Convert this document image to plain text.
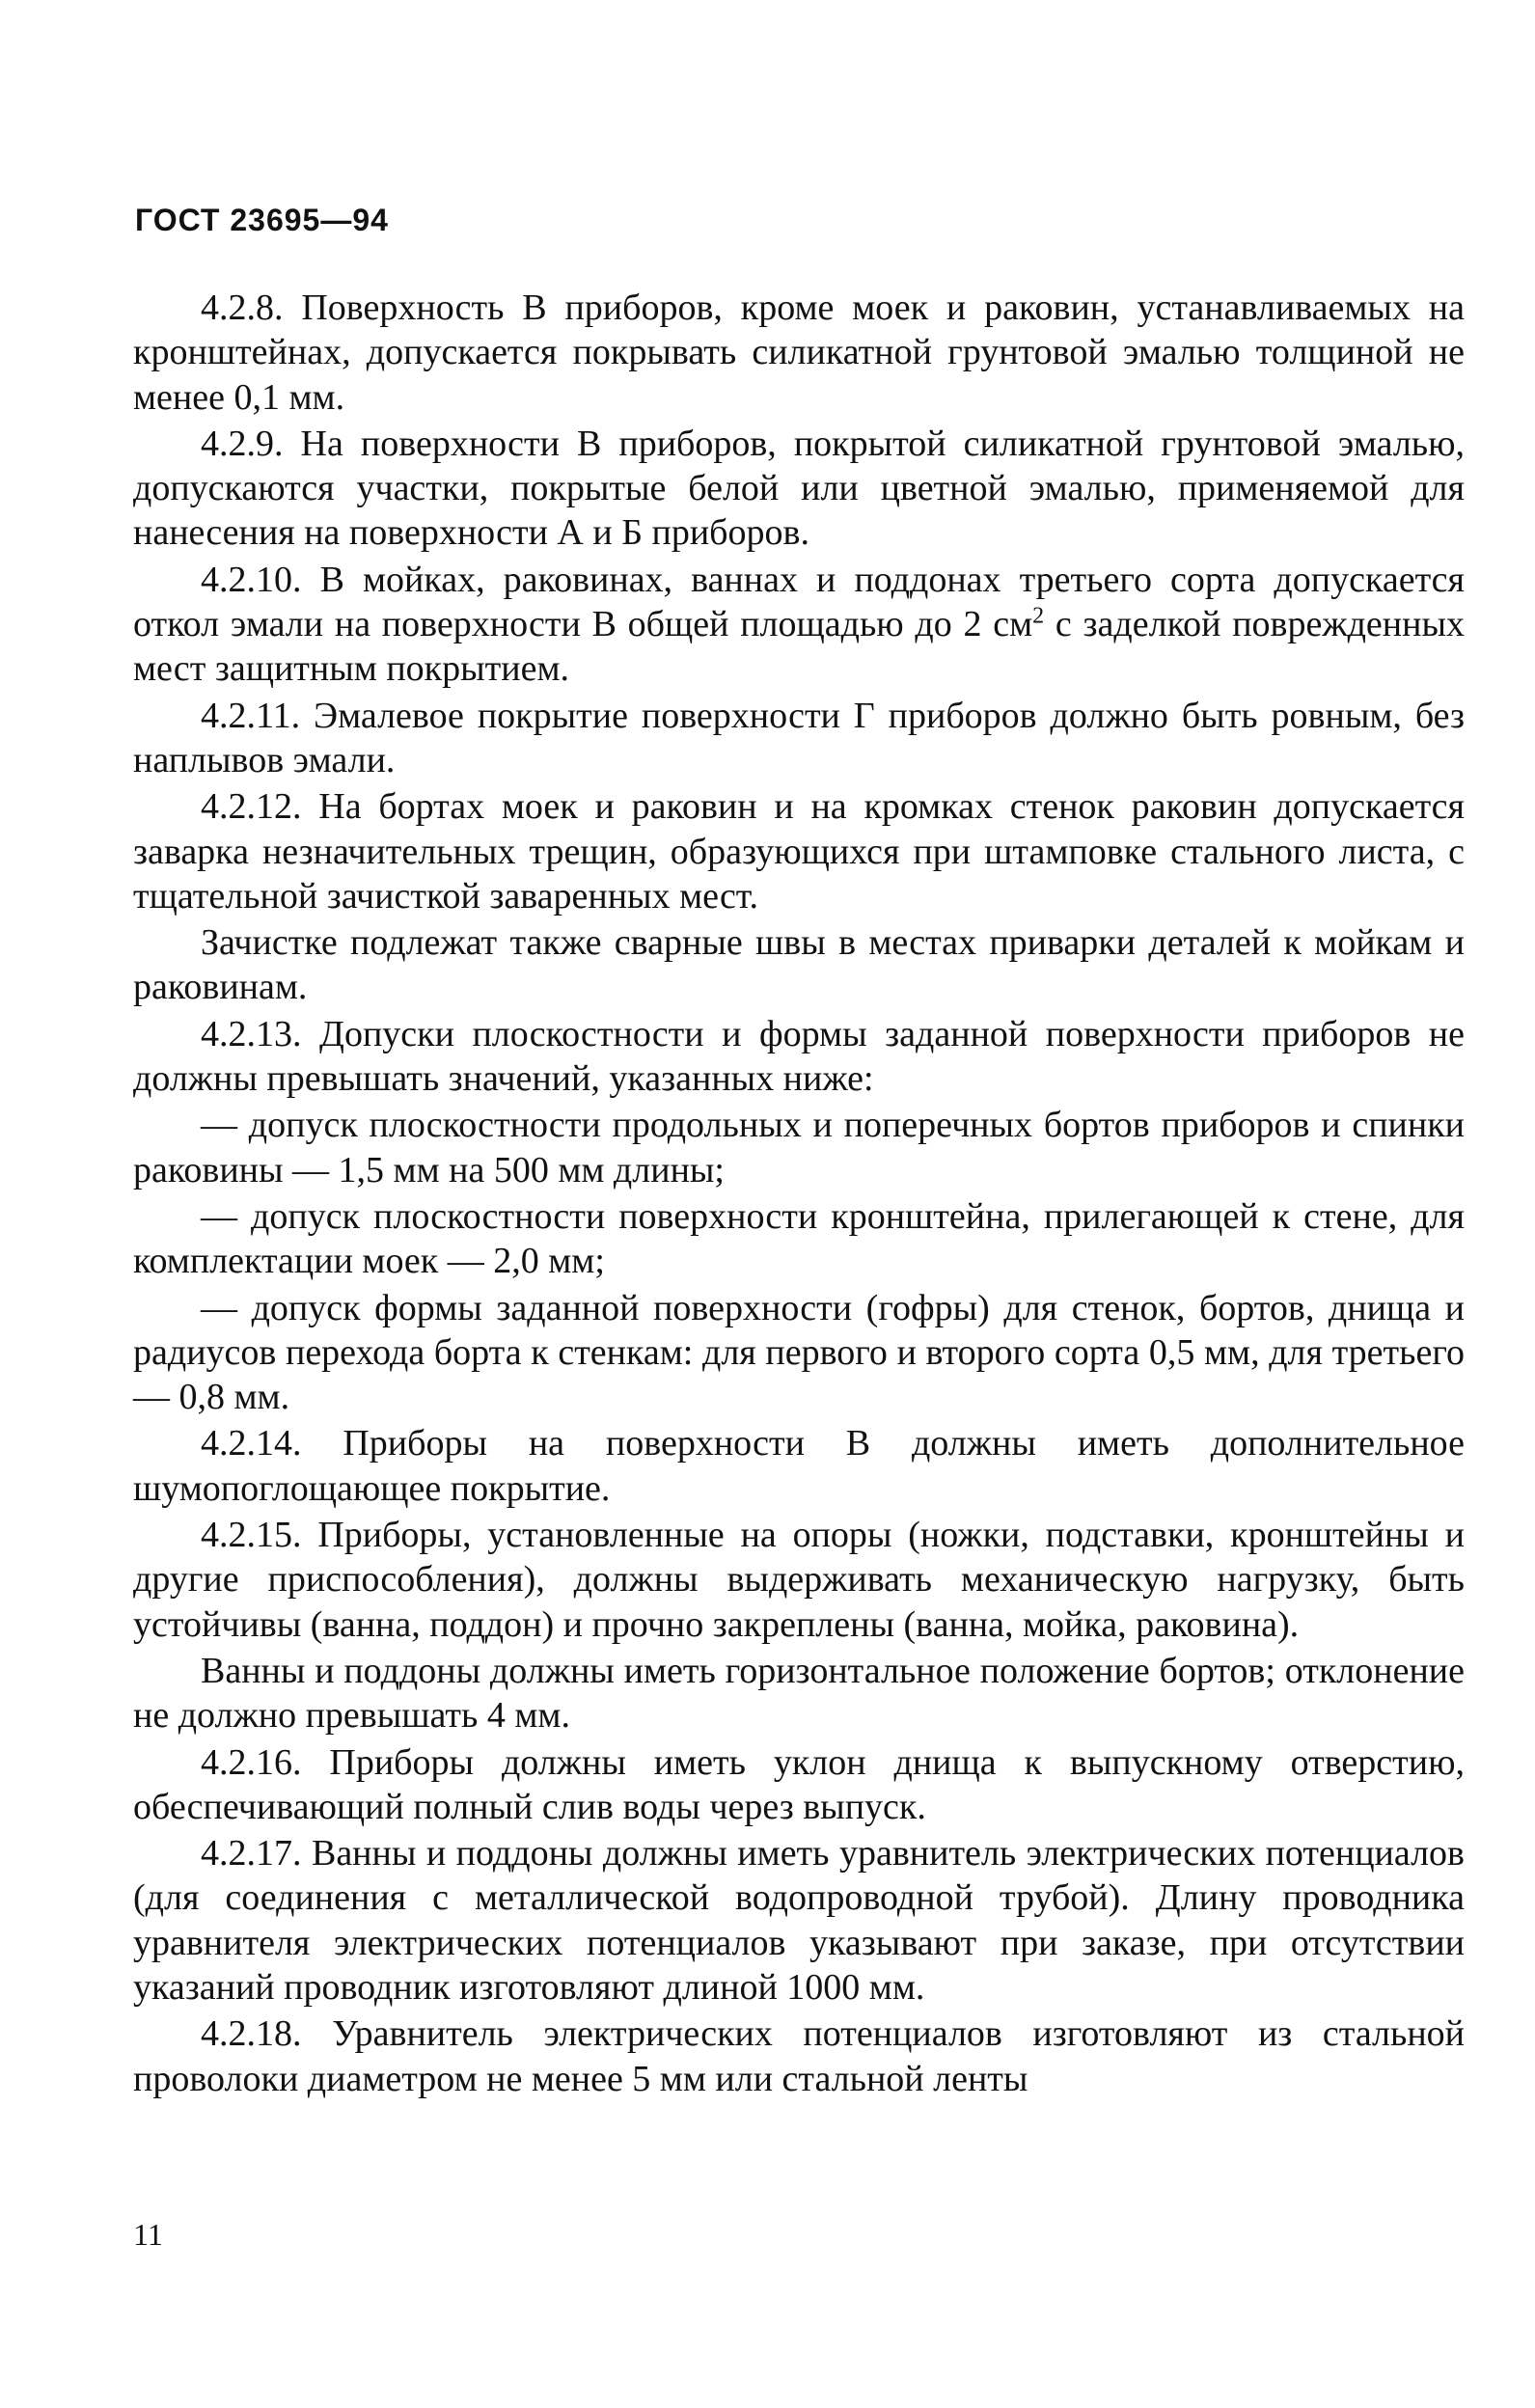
ГОСТ 23695—94

4.2.8. Поверхность В приборов, кроме моек и раковин, устанавливаемых на кронштейнах, допускается покрывать силикатной грунтовой эмалью толщиной не менее 0,1 мм.

4.2.9. На поверхности В приборов, покрытой силикатной грунтовой эмалью, допускаются участки, покрытые белой или цветной эмалью, применяемой для нанесения на поверхности А и Б приборов.

4.2.10. В мойках, раковинах, ваннах и поддонах третьего сорта допускается откол эмали на поверхности В общей площадью до 2 $см^2$ с заделкой поврежденных мест защитным покрытием.

4.2.11. Эмалевое покрытие поверхности Г приборов должно быть ровным, без наплывов эмали.

4.2.12. На бортах моек и раковин и на кромках стенок раковин допускается заварка незначительных трещин, образующихся при штамповке стального листа, с тщательной зачисткой заваренных мест.

Зачистке подлежат также сварные швы в местах приварки деталей к мойкам и раковинам.

4.2.13. Допуски плоскостности и формы заданной поверхности приборов не должны превышать значений, указанных ниже:

— допуск плоскостности продольных и поперечных бортов приборов и спинки раковины — 1,5 мм на 500 мм длины;

— допуск плоскостности поверхности кронштейна, прилегающей к стене, для комплектации моек — 2,0 мм;

— допуск формы заданной поверхности (гофры) для стенок, бортов, днища и радиусов перехода борта к стенкам: для первого и второго сорта 0,5 мм, для третьего — 0,8 мм.

4.2.14. Приборы на поверхности В должны иметь дополнительное шумопоглощающее покрытие.

4.2.15. Приборы, установленные на опоры (ножки, подставки, кронштейны и другие приспособления), должны выдерживать механическую нагрузку, быть устойчивы (ванна, поддон) и прочно закреплены (ванна, мойка, раковина).

Ванны и поддоны должны иметь горизонтальное положение бортов; отклонение не должно превышать 4 мм.

4.2.16. Приборы должны иметь уклон днища к выпускному отверстию, обеспечивающий полный слив воды через выпуск.

4.2.17. Ванны и поддоны должны иметь уравнитель электрических потенциалов (для соединения с металлической водопроводной трубой). Длину проводника уравнителя электрических потенциалов указывают при заказе, при отсутствии указаний проводник изготовляют длиной 1000 мм.

4.2.18. Уравнитель электрических потенциалов изготовляют из стальной проволоки диаметром не менее 5 мм или стальной ленты

11
